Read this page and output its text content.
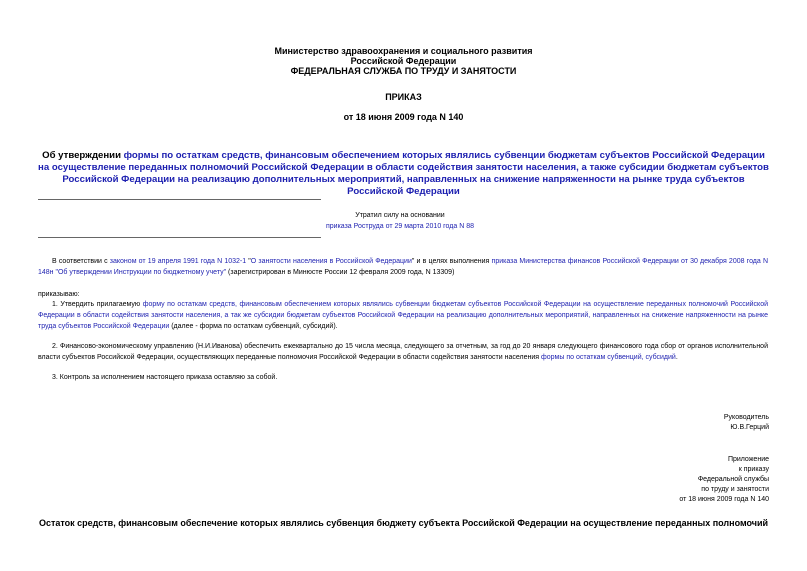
Министерство здравоохранения и социального развития
Российской Федерации
ФЕДЕРАЛЬНАЯ СЛУЖБА ПО ТРУДУ И ЗАНЯТОСТИ
ПРИКАЗ
от 18 июня 2009 года N 140
Об утверждении формы по остаткам средств, финансовым обеспечением которых являлись субвенции бюджетам субъектов Российской Федерации на осуществление переданных полномочий Российской Федерации в области содействия занятости населения, а также субсидии бюджетам субъектов Российской Федерации на реализацию дополнительных мероприятий, направленных на снижение напряженности на рынке труда субъектов Российской Федерации
Утратил силу на основании
приказа Роструда от 29 марта 2010 года N 88
В соответствии с законом от 19 апреля 1991 года N 1032-1 "О занятости населения в Российской Федерации" и в целях выполнения приказа Министерства финансов Российской Федерации от 30 декабря 2008 года N 148н "Об утверждении Инструкции по бюджетному учету" (зарегистрирован в Минюсте России 12 февраля 2009 года, N 13309)
приказываю:
1. Утвердить прилагаемую форму по остаткам средств, финансовым обеспечением которых являлись субвенции бюджетам субъектов Российской Федерации на осуществление переданных полномочий Российской Федерации в области содействия занятости населения, а так же субсидии бюджетам субъектов Российской Федерации на реализацию дополнительных мероприятий, направленных на снижение напряженности на рынке труда субъектов Российской Федерации (далее - форма по остаткам субвенций, субсидий).
2. Финансово-экономическому управлению (Н.И.Иванова) обеспечить ежеквартально до 15 числа месяца, следующего за отчетным, за год до 20 января следующего финансового года сбор от органов исполнительной власти субъектов Российской Федерации, осуществляющих переданные полномочия Российской Федерации в области содействия занятости населения формы по остаткам субвенций, субсидий.
3. Контроль за исполнением настоящего приказа оставляю за собой.
Руководитель
Ю.В.Герций
Приложение
к приказу
Федеральной службы
по труду и занятости
от 18 июня 2009 года N 140
Остаток средств, финансовым обеспечение которых являлись субвенция бюджету субъекта Российской Федерации на осуществление переданных полномочий
